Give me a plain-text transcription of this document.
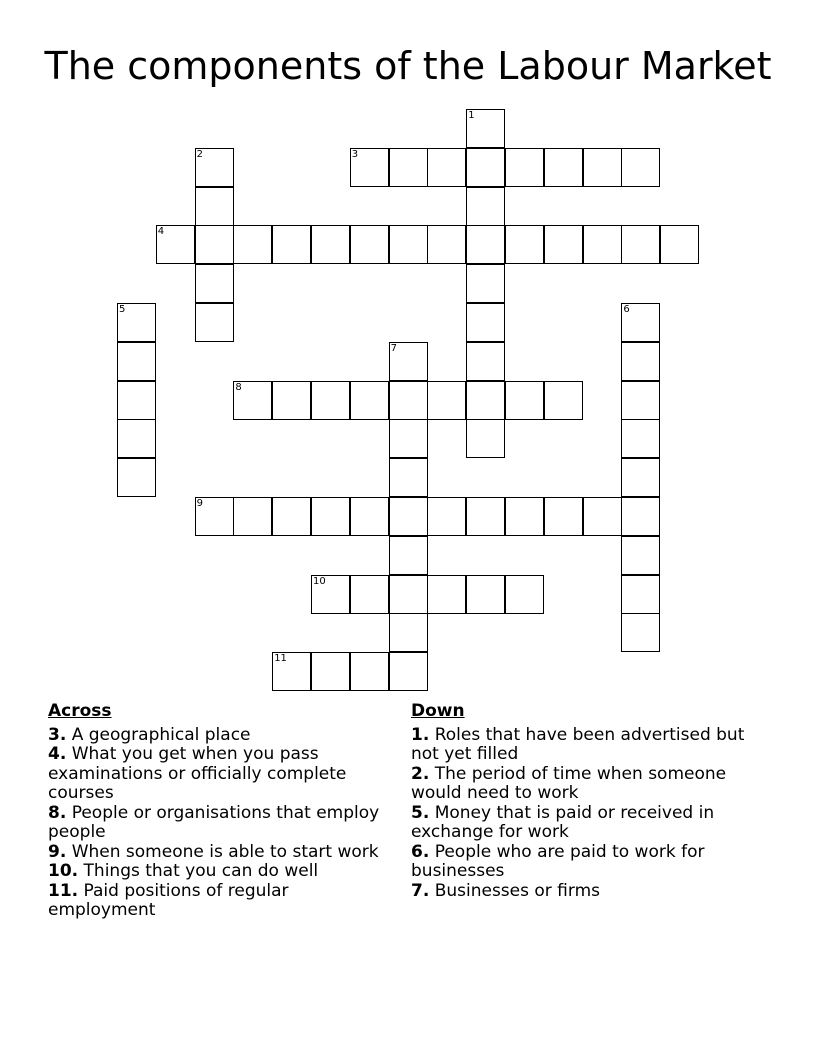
The components of the Labour Market
1
2	3
4
5	6
7
8
9
10
11
Across
3. A geographical place
4. What you get when you pass examinations or officially complete courses
8. People or organisations that employ people
9. When someone is able to start work
10. Things that you can do well
11. Paid positions of regular employment
Down
1. Roles that have been advertised but not yet filled
2. The period of time when someone would need to work
5. Money that is paid or received in exchange for work
6. People who are paid to work for businesses
7. Businesses or firms
